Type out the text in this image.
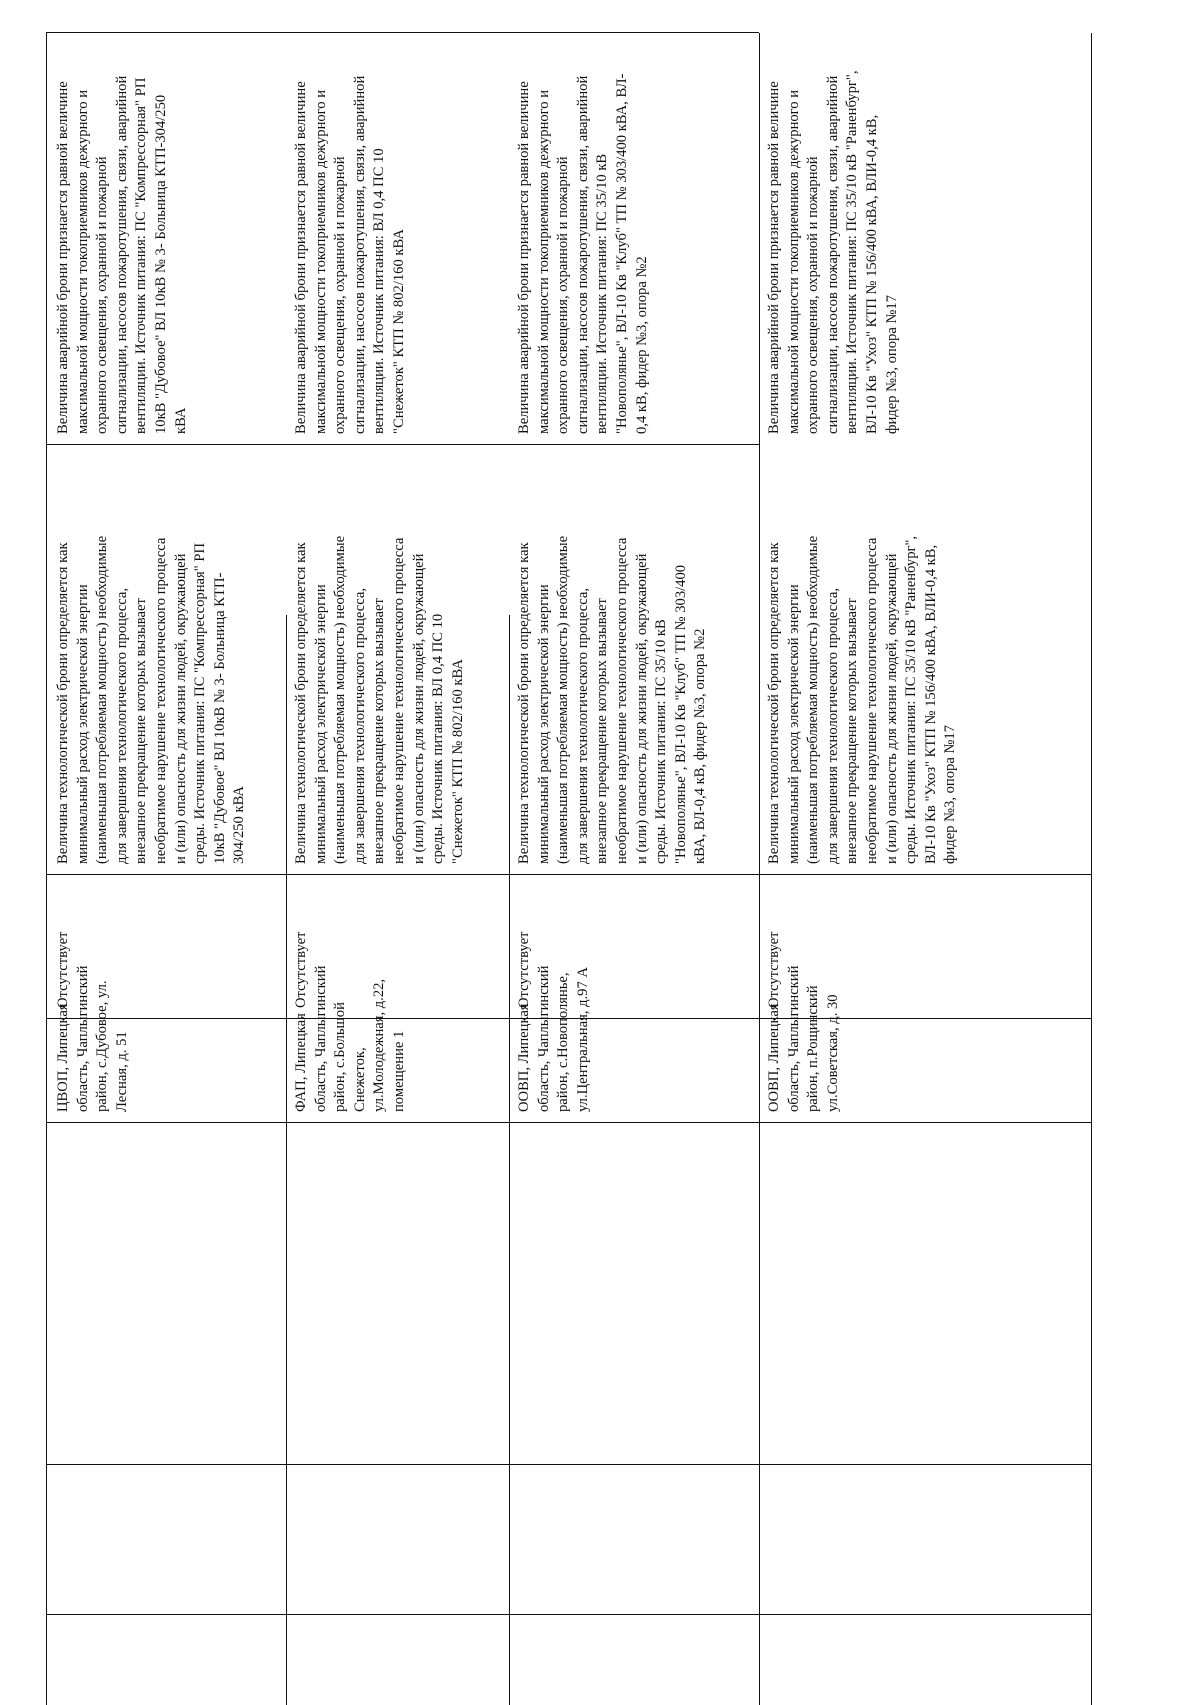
ЦВОП, Липецкая
область, Чаплыгинский
район, с.Дубовое, ул.
Лесная, д. 51
Отсутствует
Величина технологической брони определяется как
минимальный расход электрической энергии
(наименьшая потребляемая мощность) необходимые
для завершения технологического процесса,
внезапное прекращение которых вызывает
необратимое нарушение технологического процесса
и (или) опасность для жизни людей, окружающей
среды. Источник питания: ПС "Компрессорная" РП
10кВ "Дубовое" ВЛ 10кВ № 3- Больница КТП-
304/250 кВА
Величина аварийной брони признается равной величине
максимальной мощности токоприемников дежурного и
охранного освещения, охранной и пожарной
сигнализации, насосов пожаротушения, связи, аварийной
вентиляции. Источник питания: ПС "Компрессорная" РП
10кВ "Дубовое" ВЛ 10кВ № 3- Больница КТП-304/250
кВА
ФАП, Липецкая
область, Чаплыгинский
район, с.Большой
Снежеток,
ул.Молодежная, д.22,
помещение 1
Отсутствует
Величина технологической брони определяется как
минимальный расход электрической энергии
(наименьшая потребляемая мощность) необходимые
для завершения технологического процесса,
внезапное прекращение которых вызывает
необратимое нарушение технологического процесса
и (или) опасность для жизни людей, окружающей
среды. Источник питания: ВЛ 0,4 ПС 10
"Снежеток" КТП № 802/160 кВА
Величина аварийной брони признается равной величине
максимальной мощности токоприемников дежурного и
охранного освещения, охранной и пожарной
сигнализации, насосов пожаротушения, связи, аварийной
вентиляции. Источник питания: ВЛ 0,4 ПС 10
"Снежеток" КТП № 802/160 кВА
ООВП, Липецкая
область, Чаплыгинский
район, с.Новополянье,
ул.Центральная, д.97 А
Отсутствует
Величина технологической брони определяется как
минимальный расход электрической энергии
(наименьшая потребляемая мощность) необходимые
для завершения технологического процесса,
внезапное прекращение которых вызывает
необратимое нарушение технологического процесса
и (или) опасность для жизни людей, окружающей
среды. Источник питания: ПС 35/10 кВ
"Новополянье", ВЛ-10 Кв "Клуб" ТП № 303/400
кВА, ВЛ-0,4 кВ, фидер №3, опора №2
Величина аварийной брони признается равной величине
максимальной мощности токоприемников дежурного и
охранного освещения, охранной и пожарной
сигнализации, насосов пожаротушения, связи, аварийной
вентиляции. Источник питания: ПС 35/10 кВ
"Новополянье", ВЛ-10 Кв "Клуб" ТП № 303/400 кВА, ВЛ-
0,4 кВ, фидер №3, опора №2
ООВП, Липецкая
область, Чаплыгинский
район, п.Рощинский
ул.Советская, д. 30
Отсутствует
Величина технологической брони определяется как
минимальный расход электрической энергии
(наименьшая потребляемая мощность) необходимые
для завершения технологического процесса,
внезапное прекращение которых вызывает
необратимое нарушение технологического процесса
и (или) опасность для жизни людей, окружающей
среды. Источник питания: ПС 35/10 кВ "Раненбург",
ВЛ-10 Кв "Ухоз" КТП № 156/400 кВА, ВЛИ-0,4 кВ,
фидер №3, опора №17
Величина аварийной брони признается равной величине
максимальной мощности токоприемников дежурного и
охранного освещения, охранной и пожарной
сигнализации, насосов пожаротушения, связи, аварийной
вентиляции. Источник питания: ПС 35/10 кВ "Раненбург",
ВЛ-10 Кв "Ухоз" КТП № 156/400 кВА, ВЛИ-0,4 кВ,
фидер №3, опора №17
